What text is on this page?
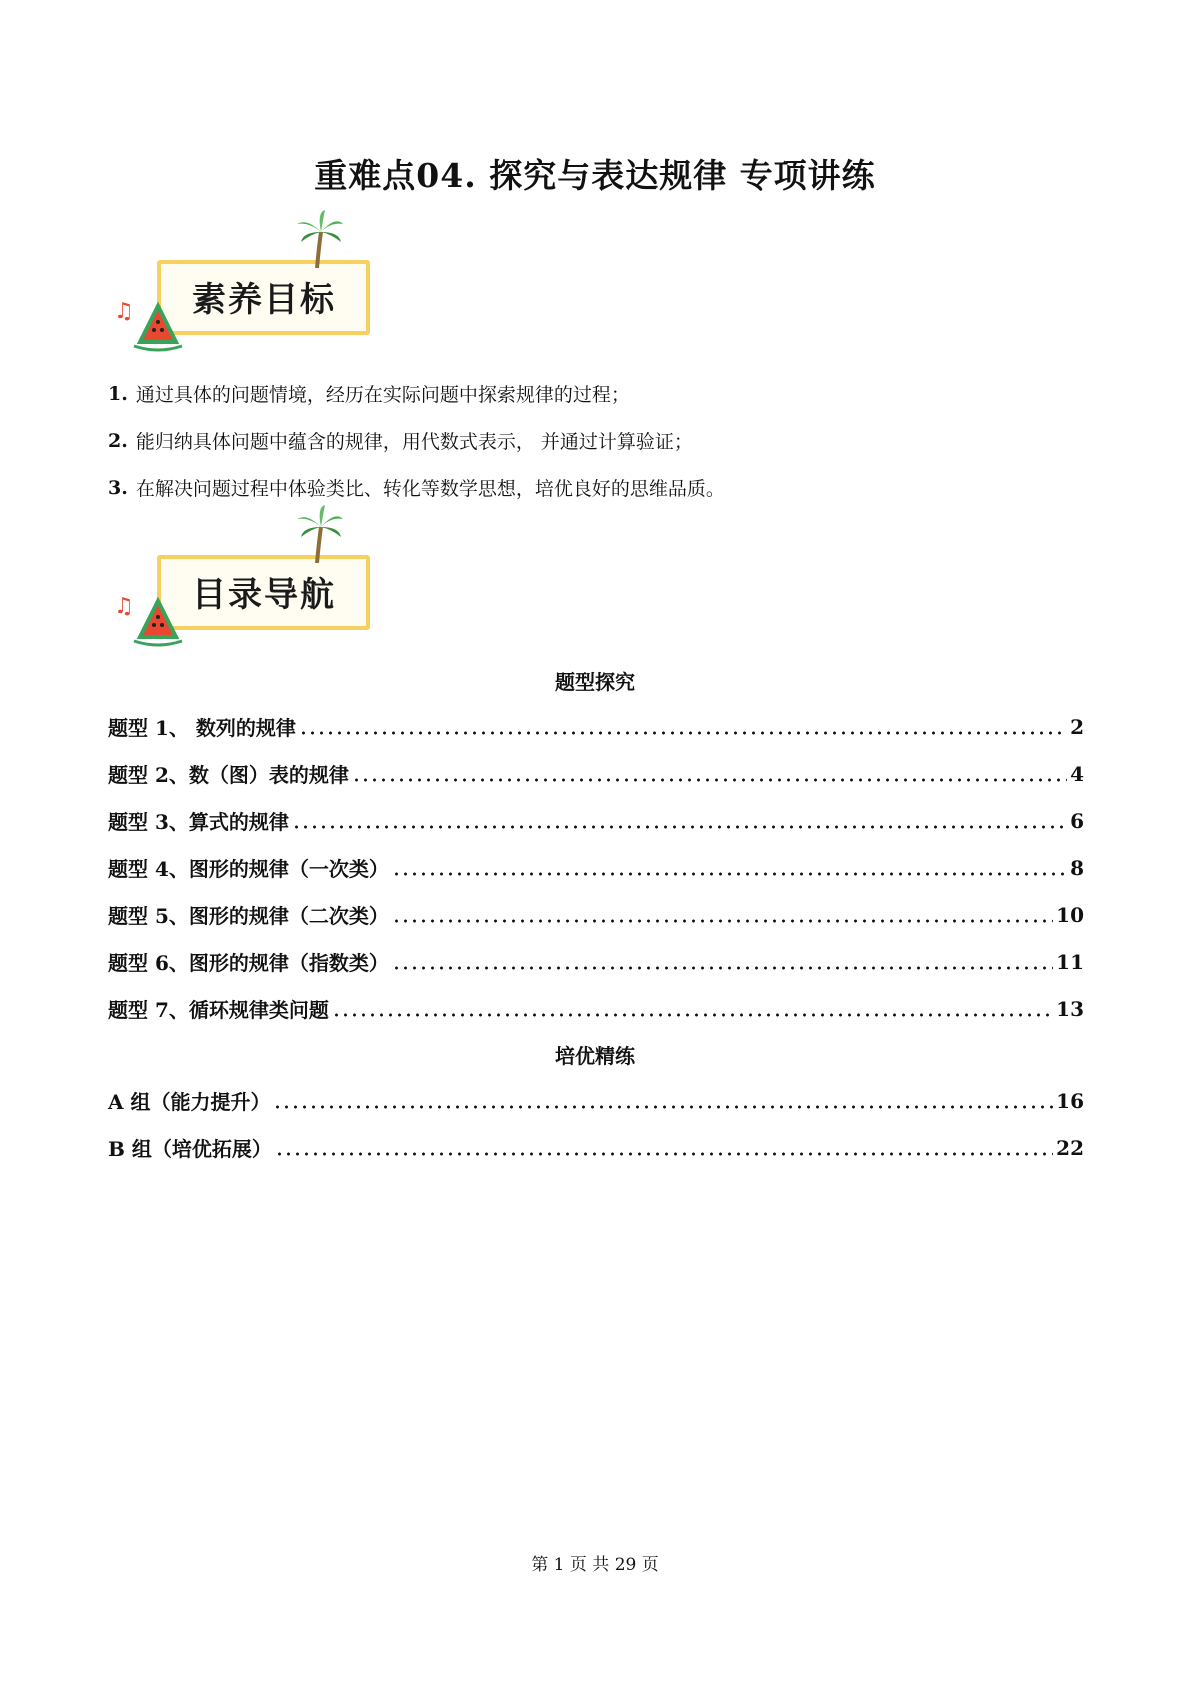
重难点04. 探究与表达规律 专项讲练
素养目标
♫
1. 通过具体的问题情境，经历在实际问题中探索规律的过程；
2. 能归纳具体问题中蕴含的规律，用代数式表示， 并通过计算验证；
3. 在解决问题过程中体验类比、转化等数学思想，培优良好的思维品质。
目录导航
♫
题型探究
题型 1、 数列的规律	2
题型 2、数（图）表的规律	4
题型 3、算式的规律	6
题型 4、图形的规律（一次类）	8
题型 5、图形的规律（二次类）	10
题型 6、图形的规律（指数类）	11
题型 7、循环规律类问题	13
培优精练
A 组（能力提升）	16
B 组（培优拓展）	22
第 1 页 共 29 页
